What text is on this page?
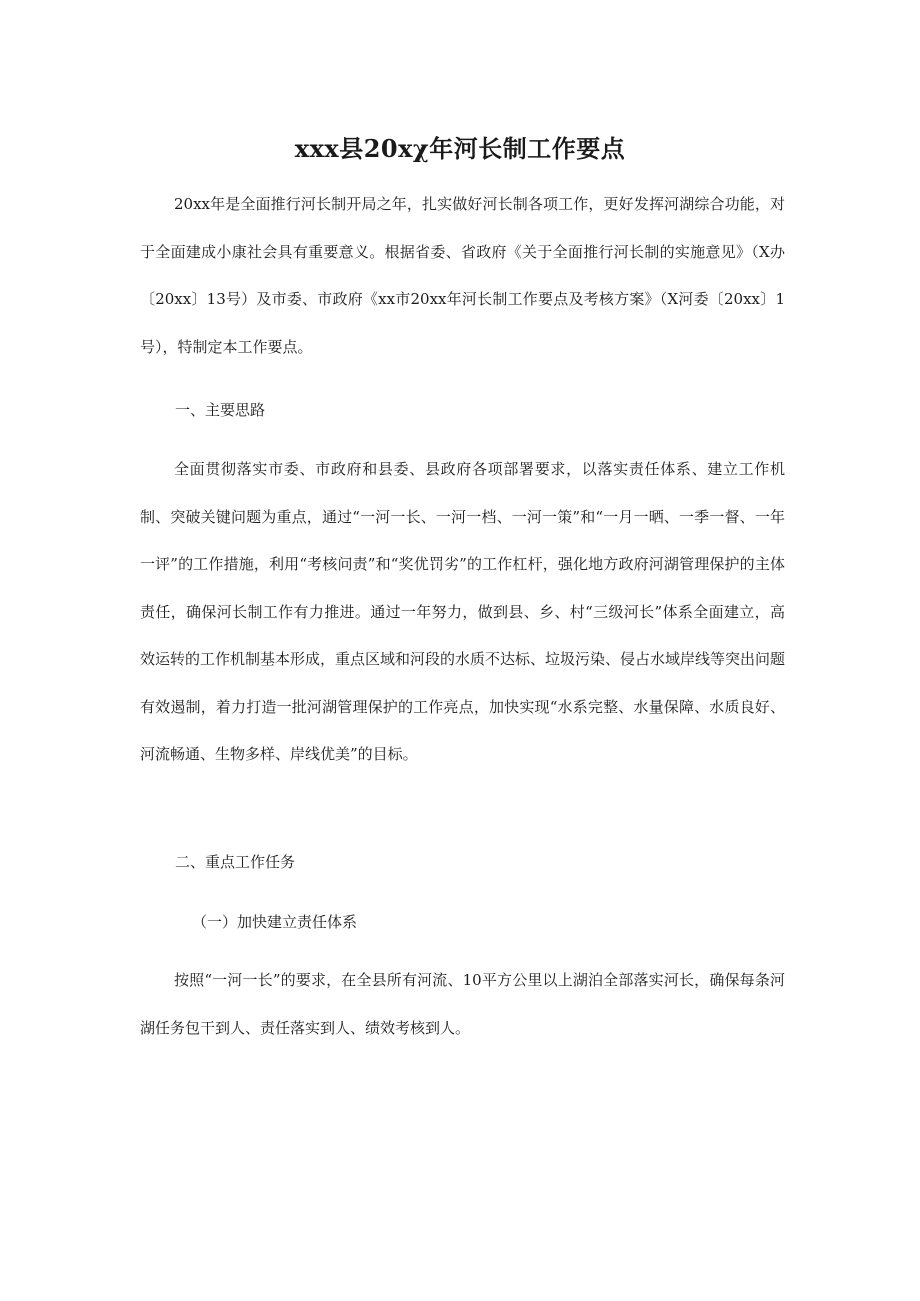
xxx县20xχ年河长制工作要点

20xx年是全面推行河长制开局之年，扎实做好河长制各项工作，更好发挥河湖综合功能，对于全面建成小康社会具有重要意义。根据省委、省政府《关于全面推行河长制的实施意见》（X办〔20xx〕13号）及市委、市政府《xx市20xx年河长制工作要点及考核方案》（X河委〔20xx〕1号），特制定本工作要点。

一、主要思路

全面贯彻落实市委、市政府和县委、县政府各项部署要求，以落实责任体系、建立工作机制、突破关键问题为重点，通过“一河一长、一河一档、一河一策”和“一月一晒、一季一督、一年一评”的工作措施，利用“考核问责”和“奖优罚劣”的工作杠杆，强化地方政府河湖管理保护的主体责任，确保河长制工作有力推进。通过一年努力，做到县、乡、村“三级河长”体系全面建立，高效运转的工作机制基本形成，重点区域和河段的水质不达标、垃圾污染、侵占水域岸线等突出问题有效遏制，着力打造一批河湖管理保护的工作亮点，加快实现“水系完整、水量保障、水质良好、河流畅通、生物多样、岸线优美”的目标。

二、重点工作任务

（一）加快建立责任体系

按照“一河一长”的要求，在全县所有河流、10平方公里以上湖泊全部落实河长，确保每条河湖任务包干到人、责任落实到人、绩效考核到人。
